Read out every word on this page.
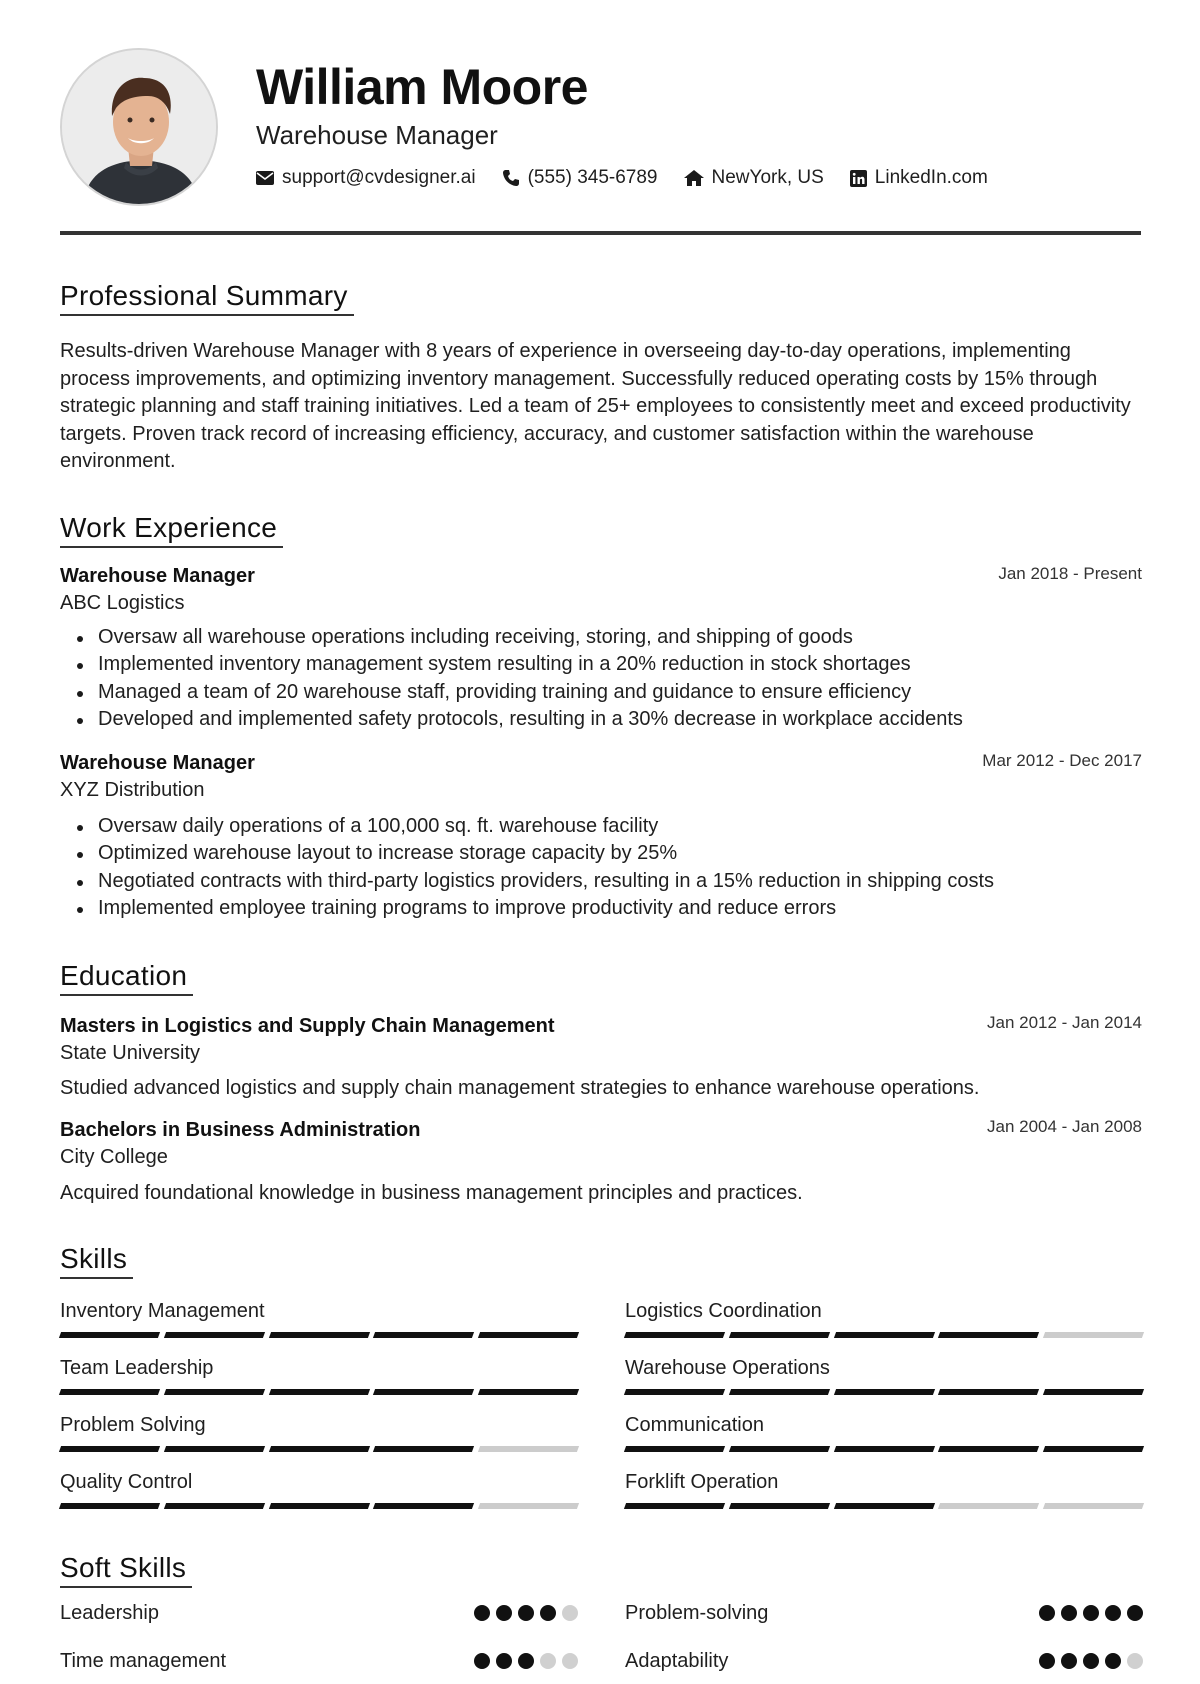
William Moore
Warehouse Manager
support@cvdesigner.ai	(555) 345-6789	NewYork, US	LinkedIn.com
Professional Summary
Results-driven Warehouse Manager with 8 years of experience in overseeing day-to-day operations, implementing process improvements, and optimizing inventory management. Successfully reduced operating costs by 15% through strategic planning and staff training initiatives. Led a team of 25+ employees to consistently meet and exceed productivity targets. Proven track record of increasing efficiency, accuracy, and customer satisfaction within the warehouse environment.
Work Experience
Warehouse Manager	Jan 2018 - Present
ABC Logistics
Oversaw all warehouse operations including receiving, storing, and shipping of goods
Implemented inventory management system resulting in a 20% reduction in stock shortages
Managed a team of 20 warehouse staff, providing training and guidance to ensure efficiency
Developed and implemented safety protocols, resulting in a 30% decrease in workplace accidents
Warehouse Manager	Mar 2012 - Dec 2017
XYZ Distribution
Oversaw daily operations of a 100,000 sq. ft. warehouse facility
Optimized warehouse layout to increase storage capacity by 25%
Negotiated contracts with third-party logistics providers, resulting in a 15% reduction in shipping costs
Implemented employee training programs to improve productivity and reduce errors
Education
Masters in Logistics and Supply Chain Management	Jan 2012 - Jan 2014
State University
Studied advanced logistics and supply chain management strategies to enhance warehouse operations.
Bachelors in Business Administration	Jan 2004 - Jan 2008
City College
Acquired foundational knowledge in business management principles and practices.
Skills
Inventory Management	Logistics Coordination
Team Leadership	Warehouse Operations
Problem Solving	Communication
Quality Control	Forklift Operation
Soft Skills
Leadership	Problem-solving
Time management	Adaptability
